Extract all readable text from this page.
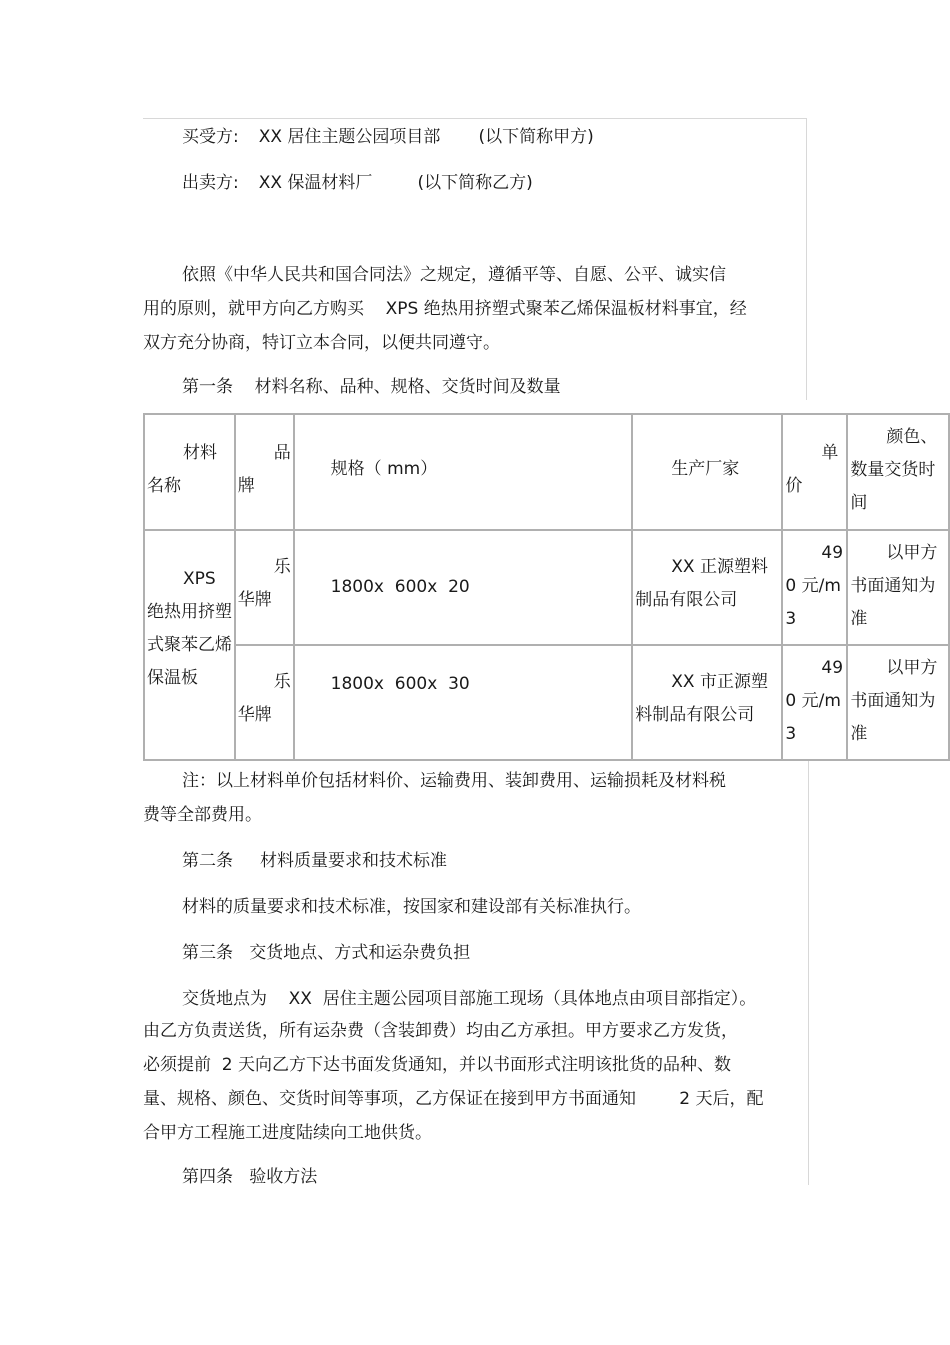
买受方: XX 居住主题公园项目部 (以下简称甲方)
出卖方: XX 保温材料厂	(以下简称乙方)
依照《中华人民共和国合同法》之规定，遵循平等、自愿、公平、诚实信
用的原则，就甲方向乙方购买    XPS 绝热用挤塑式聚苯乙烯保温板材料事宜，经
双方充分协商，特订立本合同，以便共同遵守。
第一条    材料名称、品种、规格、交货时间及数量
材料名称	品牌	规格（ mm）	生产厂家	单价	颜色、数量交货时间

XPS 绝热用挤塑式聚苯乙烯保温板	乐华牌	1800x  600x  20	XX 正源塑料制品有限公司	490 元/m3	以甲方书面通知为准

	乐华牌	1800x  600x  30	XX 市正源塑料制品有限公司	490 元/m3	以甲方书面通知为准
注：以上材料单价包括材料价、运输费用、装卸费用、运输损耗及材料税
费等全部费用。
第二条     材料质量要求和技术标准
材料的质量要求和技术标准，按国家和建设部有关标准执行。
第三条   交货地点、方式和运杂费负担
交货地点为    XX  居住主题公园项目部施工现场（具体地点由项目部指定）。
由乙方负责送货，所有运杂费（含装卸费）均由乙方承担。甲方要求乙方发货，
必须提前  2 天向乙方下达书面发货通知，并以书面形式注明该批货的品种、数
量、规格、颜色、交货时间等事项，乙方保证在接到甲方书面通知        2 天后，配
合甲方工程施工进度陆续向工地供货。
第四条   验收方法
